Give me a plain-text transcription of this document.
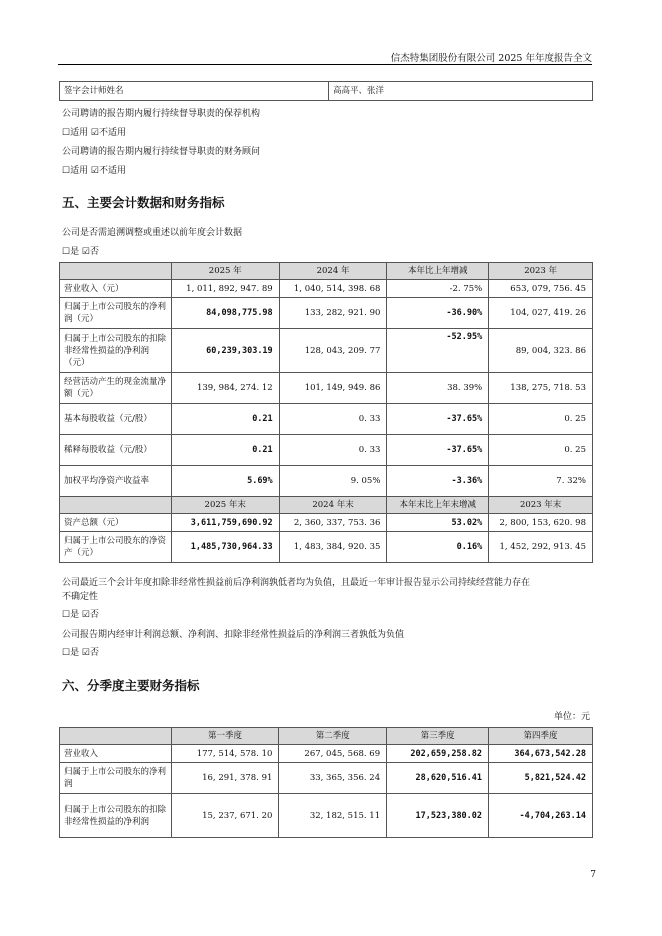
信杰特集团股份有限公司 2025 年年度报告全文
签字会计师姓名	高高平、张洋
公司聘请的报告期内履行持续督导职责的保荐机构
☐适用 ☑不适用
公司聘请的报告期内履行持续督导职责的财务顾问
☐适用 ☑不适用
五、主要会计数据和财务指标
公司是否需追溯调整或重述以前年度会计数据
☐是 ☑否
	2025 年	2024 年	本年比上年增减	2023 年
营业收入（元）	1, 011, 892, 947. 89	1, 040, 514, 398. 68	-2. 75%	653, 079, 756. 45
归属于上市公司股东的净利润（元）	84,098,775.98	133, 282, 921. 90	-36.90%	104, 027, 419. 26
归属于上市公司股东的扣除非经常性损益的净利润（元）	60,239,303.19	128, 043, 209. 77	-52.95%	89, 004, 323. 86
经营活动产生的现金流量净额（元）	139, 984, 274. 12	101, 149, 949. 86	38. 39%	138, 275, 718. 53
基本每股收益（元/股）	0.21	0. 33	-37.65%	0. 25
稀释每股收益（元/股）	0.21	0. 33	-37.65%	0. 25
加权平均净资产收益率	5.69%	9. 05%	-3.36%	7. 32%
	2025 年末	2024 年末	本年末比上年末增减	2023 年末
资产总额（元）	3,611,759,690.92	2, 360, 337, 753. 36	53.02%	2, 800, 153, 620. 98
归属于上市公司股东的净资产（元）	1,485,730,964.33	1, 483, 384, 920. 35	0.16%	1, 452, 292, 913. 45
公司最近三个会计年度扣除非经常性损益前后净利润孰低者均为负值，且最近一年审计报告显示公司持续经营能力存在
不确定性
☐是 ☑否
公司报告期内经审计利润总额、净利润、扣除非经常性损益后的净利润三者孰低为负值
☐是 ☑否
六、分季度主要财务指标
单位：元
	第一季度	第二季度	第三季度	第四季度
营业收入	177, 514, 578. 10	267, 045, 568. 69	202,659,258.82	364,673,542.28
归属于上市公司股东的净利润	16, 291, 378. 91	33, 365, 356. 24	28,620,516.41	5,821,524.42
归属于上市公司股东的扣除非经常性损益的净利润	15, 237, 671. 20	32, 182, 515. 11	17,523,380.02	-4,704,263.14
7
